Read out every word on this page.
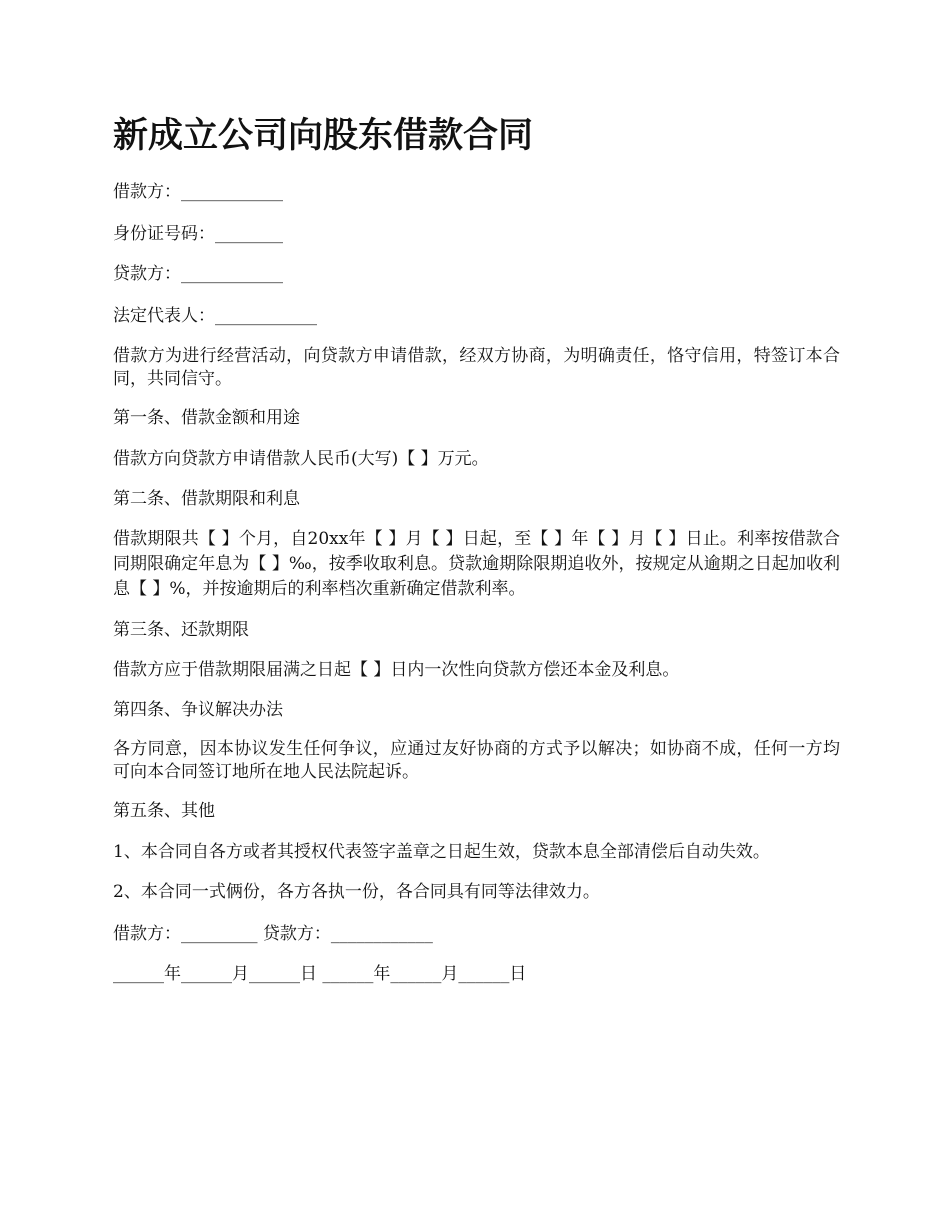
新成立公司向股东借款合同

借款方：____________

身份证号码：________

贷款方：____________

法定代表人：____________

借款方为进行经营活动，向贷款方申请借款，经双方协商，为明确责任，恪守信用，特签订本合同，共同信守。

第一条、借款金额和用途

借款方向贷款方申请借款人民币(大写)【 】万元。

第二条、借款期限和利息

借款期限共【 】个月，自20xx年【 】月【 】日起，至【 】年【 】月【 】日止。利率按借款合同期限确定年息为【 】‰，按季收取利息。贷款逾期除限期追收外，按规定从逾期之日起加收利息【 】%，并按逾期后的利率档次重新确定借款利率。

第三条、还款期限

借款方应于借款期限届满之日起【 】日内一次性向贷款方偿还本金及利息。

第四条、争议解决办法

各方同意，因本协议发生任何争议，应通过友好协商的方式予以解决；如协商不成，任何一方均可向本合同签订地所在地人民法院起诉。

第五条、其他

1、本合同自各方或者其授权代表签字盖章之日起生效，贷款本息全部清偿后自动失效。

2、本合同一式俩份，各方各执一份，各合同具有同等法律效力。

借款方：_________ 贷款方：____________

______年______月______日 ______年______月______日
